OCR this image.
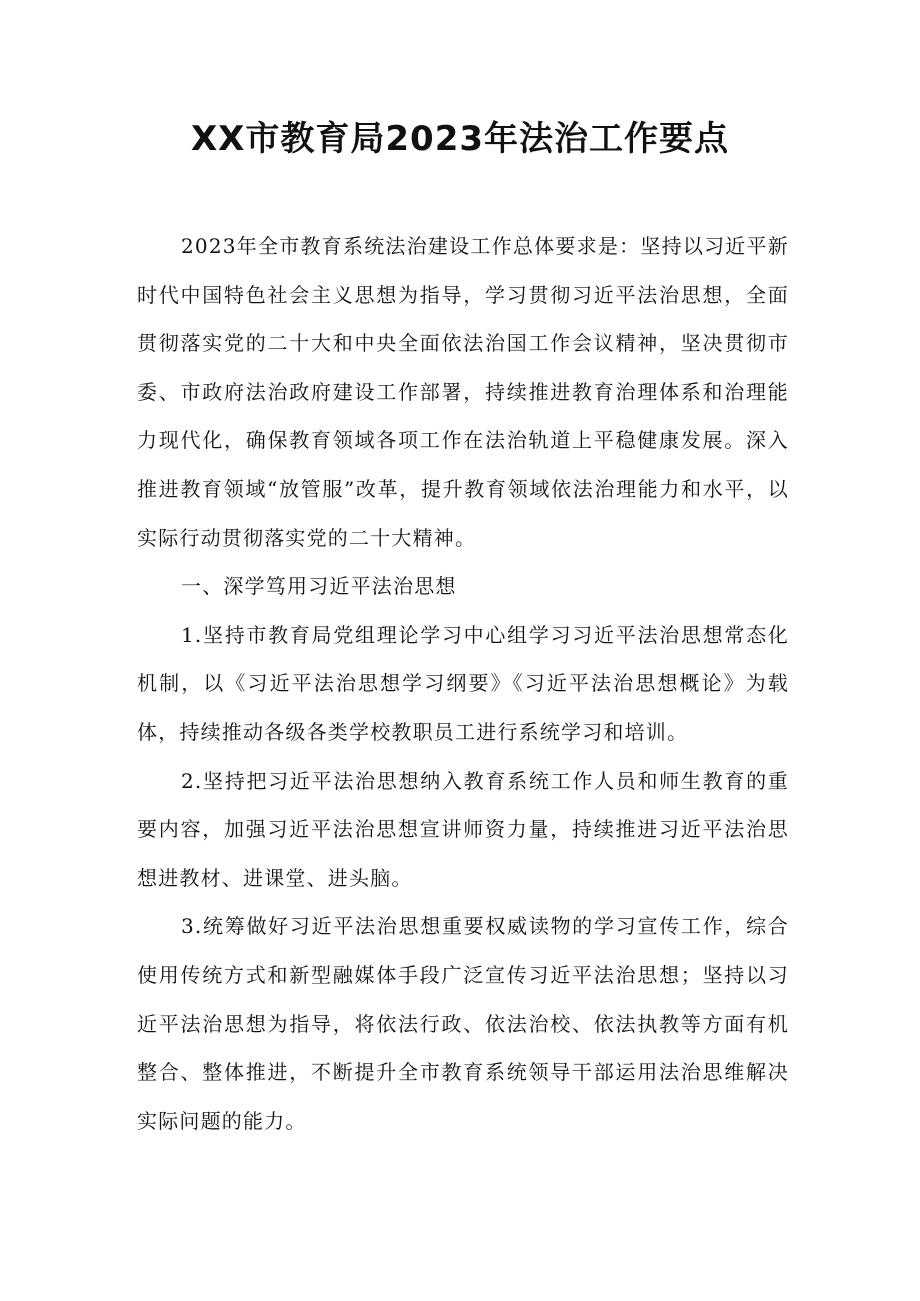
XX市教育局2023年法治工作要点

2023年全市教育系统法治建设工作总体要求是：坚持以习近平新时代中国特色社会主义思想为指导，学习贯彻习近平法治思想，全面贯彻落实党的二十大和中央全面依法治国工作会议精神，坚决贯彻市委、市政府法治政府建设工作部署，持续推进教育治理体系和治理能力现代化，确保教育领域各项工作在法治轨道上平稳健康发展。深入推进教育领域“放管服”改革，提升教育领域依法治理能力和水平，以实际行动贯彻落实党的二十大精神。

一、深学笃用习近平法治思想

1.坚持市教育局党组理论学习中心组学习习近平法治思想常态化机制，以《习近平法治思想学习纲要》《习近平法治思想概论》为载体，持续推动各级各类学校教职员工进行系统学习和培训。

2.坚持把习近平法治思想纳入教育系统工作人员和师生教育的重要内容，加强习近平法治思想宣讲师资力量，持续推进习近平法治思想进教材、进课堂、进头脑。

3.统筹做好习近平法治思想重要权威读物的学习宣传工作，综合使用传统方式和新型融媒体手段广泛宣传习近平法治思想；坚持以习近平法治思想为指导，将依法行政、依法治校、依法执教等方面有机整合、整体推进，不断提升全市教育系统领导干部运用法治思维解决实际问题的能力。
